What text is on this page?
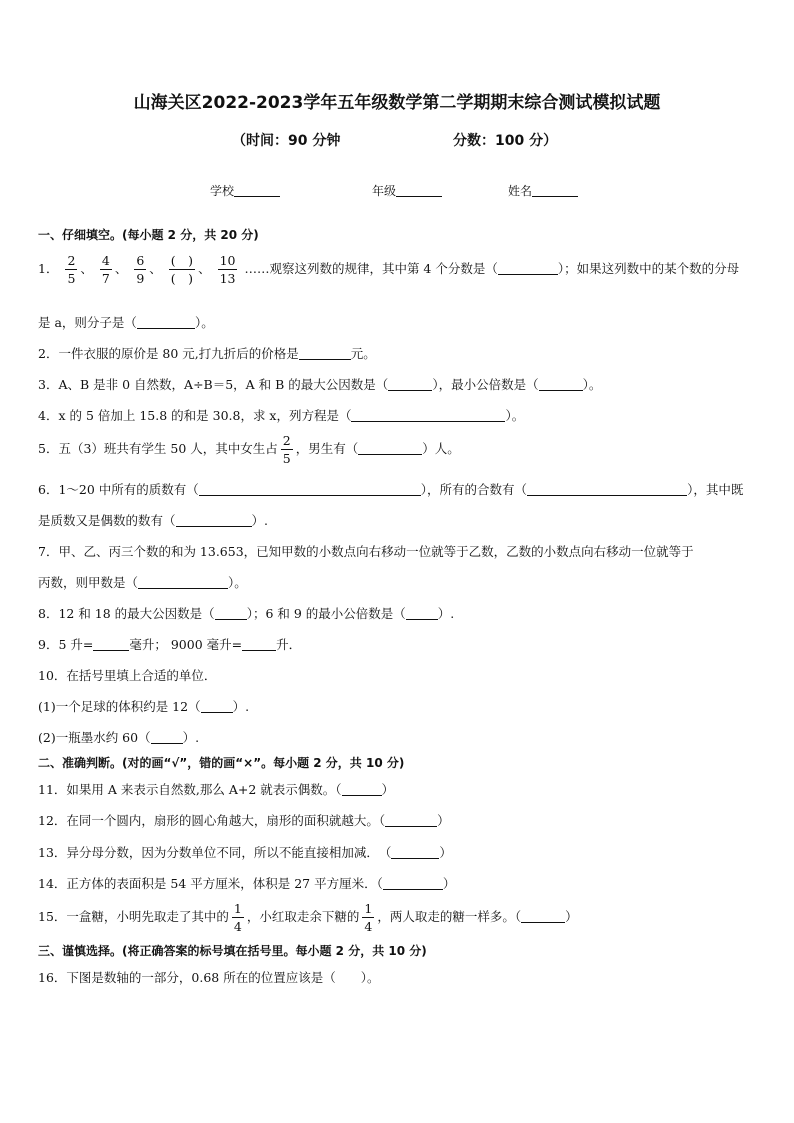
山海关区2022-2023学年五年级数学第二学期期末综合测试模拟试题
（时间：90 分钟	分数：100 分）
学校	年级	姓名
一、仔细填空。(每小题 2 分，共 20 分)
1． $\frac{2}{5}$ 、 $\frac{4}{7}$ 、 $\frac{6}{9}$ 、 $\frac{( )}{( )}$ 、 $\frac{10}{13}$ ……观察这列数的规律，其中第 4 个分数是（	）；如果这列数中的某个数的分母
是 a，则分子是（	）。
2．一件衣服的原价是 80 元,打九折后的价格是	元。
3．A、B 是非 0 自然数，A÷B＝5，A 和 B 的最大公因数是（	），最小公倍数是（	）。
4．x 的 5 倍加上 15.8 的和是 30.8，求 x，列方程是（	）。
5．五（3）班共有学生 50 人，其中女生占 $\frac{2}{5}$ ，男生有（	）人。
6．1～20 中所有的质数有（	），所有的合数有（	），其中既
是质数又是偶数的数有（	）.
7．甲、乙、丙三个数的和为 13.653，已知甲数的小数点向右移动一位就等于乙数，乙数的小数点向右移动一位就等于
丙数，则甲数是（	）。
8．12 和 18 的最大公因数是（	）；6 和 9 的最小公倍数是（	）.
9．5 升=	毫升； 9000 毫升=	升．
10．在括号里填上合适的单位．
(1)一个足球的体积约是 12（	）.
(2)一瓶墨水约 60（	）.
二、准确判断。(对的画“√”，错的画“×”。每小题 2 分，共 10 分)
11．如果用 A 来表示自然数,那么 A+2 就表示偶数。（	）
12．在同一个圆内，扇形的圆心角越大，扇形的面积就越大。（	）
13．异分母分数，因为分数单位不同，所以不能直接相加减．　（	）
14．正方体的表面积是 54 平方厘米，体积是 27 平方厘米．（	）
15．一盒糖，小明先取走了其中的 $\frac{1}{4}$ ，小红取走余下糖的 $\frac{1}{4}$ ，两人取走的糖一样多。（	）
三、谨慎选择。(将正确答案的标号填在括号里。每小题 2 分，共 10 分)
16．下图是数轴的一部分，0.68 所在的位置应该是（　　）。
